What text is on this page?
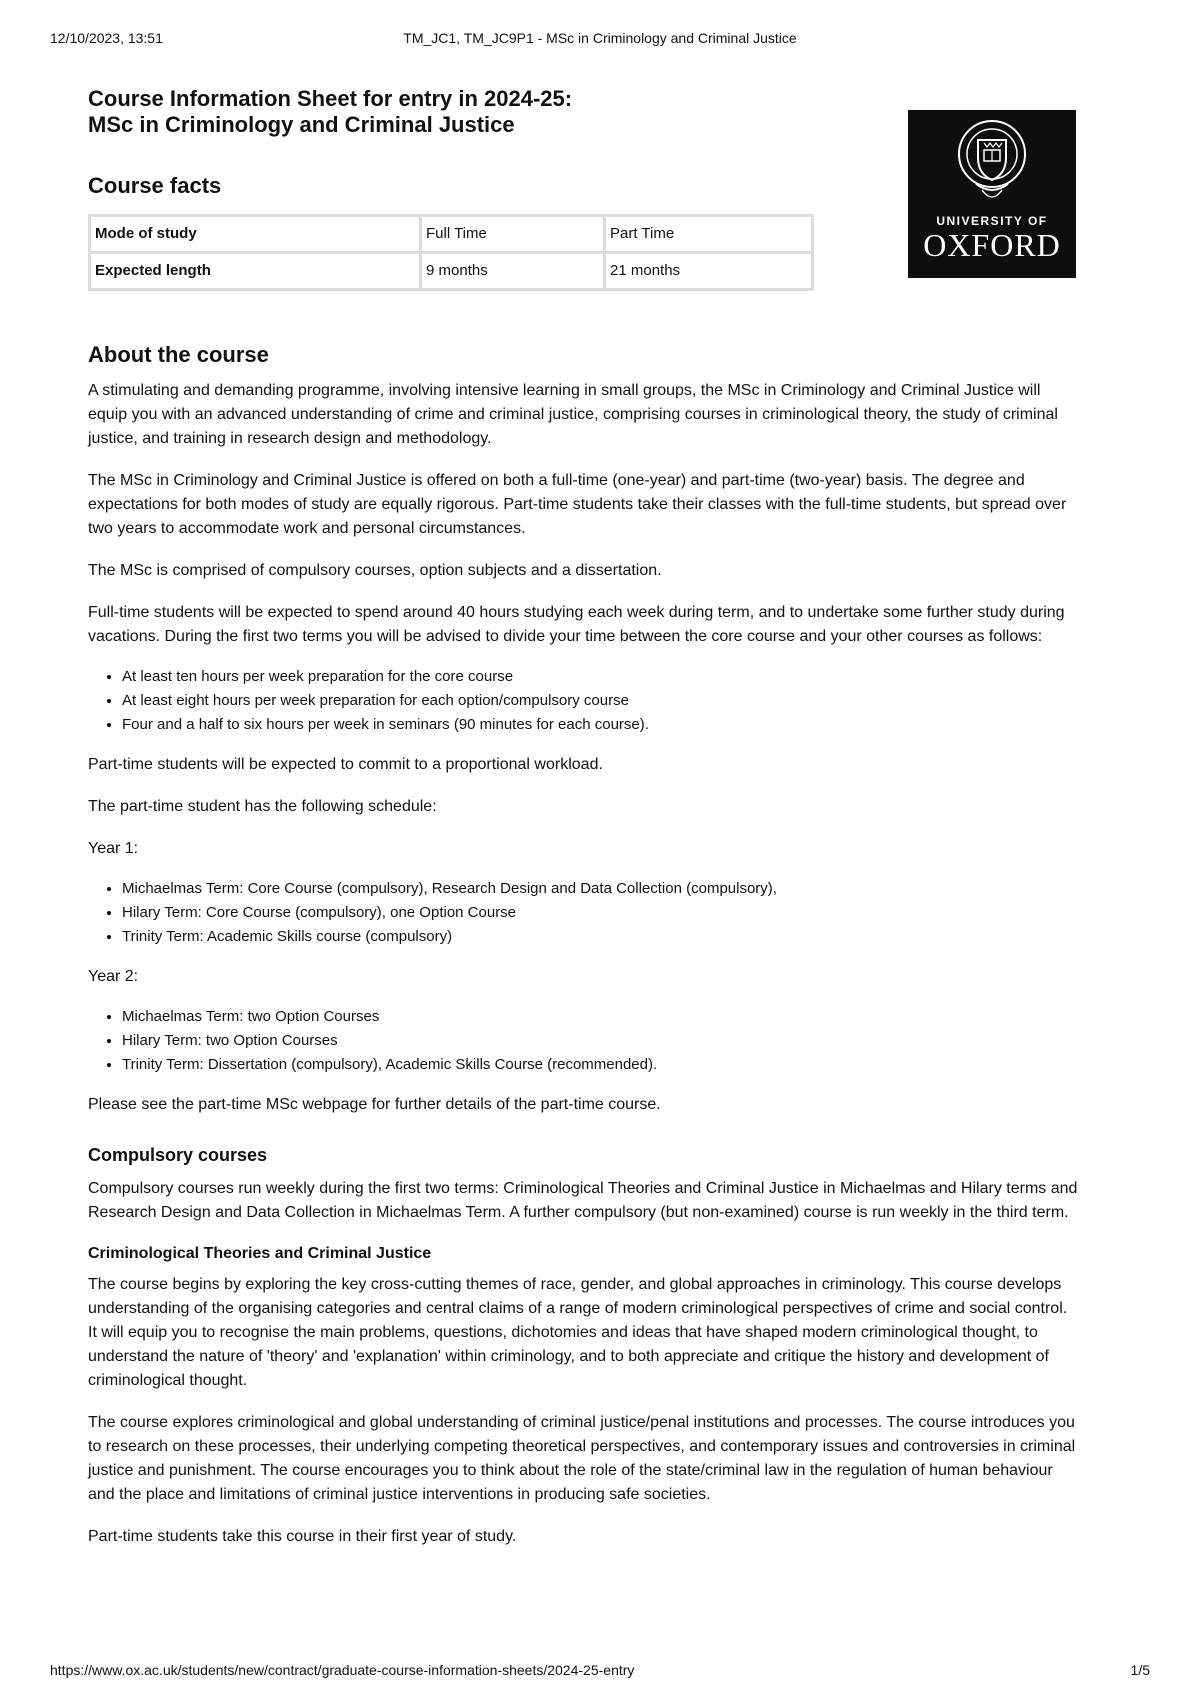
12/10/2023, 13:51	TM_JC1, TM_JC9P1 - MSc in Criminology and Criminal Justice
UNIVERSITY OF
OXFORD
Course Information Sheet for entry in 2024-25:
MSc in Criminology and Criminal Justice
Course facts
Mode of study	Full Time	Part Time
Expected length	9 months	21 months
About the course

A stimulating and demanding programme, involving intensive learning in small groups, the MSc in Criminology and Criminal Justice will equip you with an advanced understanding of crime and criminal justice, comprising courses in criminological theory, the study of criminal justice, and training in research design and methodology.

The MSc in Criminology and Criminal Justice is offered on both a full-time (one-year) and part-time (two-year) basis. The degree and expectations for both modes of study are equally rigorous. Part-time students take their classes with the full-time students, but spread over two years to accommodate work and personal circumstances.

The MSc is comprised of compulsory courses, option subjects and a dissertation.

Full-time students will be expected to spend around 40 hours studying each week during term, and to undertake some further study during vacations. During the first two terms you will be advised to divide your time between the core course and your other courses as follows:

• At least ten hours per week preparation for the core course
• At least eight hours per week preparation for each option/compulsory course
• Four and a half to six hours per week in seminars (90 minutes for each course).

Part-time students will be expected to commit to a proportional workload.

The part-time student has the following schedule:

Year 1:

• Michaelmas Term: Core Course (compulsory), Research Design and Data Collection (compulsory),
• Hilary Term: Core Course (compulsory), one Option Course
• Trinity Term: Academic Skills course (compulsory)

Year 2:

• Michaelmas Term: two Option Courses
• Hilary Term: two Option Courses
• Trinity Term: Dissertation (compulsory), Academic Skills Course (recommended).

Please see the part-time MSc webpage for further details of the part-time course.

Compulsory courses

Compulsory courses run weekly during the first two terms: Criminological Theories and Criminal Justice in Michaelmas and Hilary terms and Research Design and Data Collection in Michaelmas Term. A further compulsory (but non-examined) course is run weekly in the third term.

Criminological Theories and Criminal Justice

The course begins by exploring the key cross-cutting themes of race, gender, and global approaches in criminology. This course develops understanding of the organising categories and central claims of a range of modern criminological perspectives of crime and social control. It will equip you to recognise the main problems, questions, dichotomies and ideas that have shaped modern criminological thought, to understand the nature of 'theory' and 'explanation' within criminology, and to both appreciate and critique the history and development of criminological thought.

The course explores criminological and global understanding of criminal justice/penal institutions and processes. The course introduces you to research on these processes, their underlying competing theoretical perspectives, and contemporary issues and controversies in criminal justice and punishment. The course encourages you to think about the role of the state/criminal law in the regulation of human behaviour and the place and limitations of criminal justice interventions in producing safe societies.

Part-time students take this course in their first year of study.

https://www.ox.ac.uk/students/new/contract/graduate-course-information-sheets/2024-25-entry	1/5
